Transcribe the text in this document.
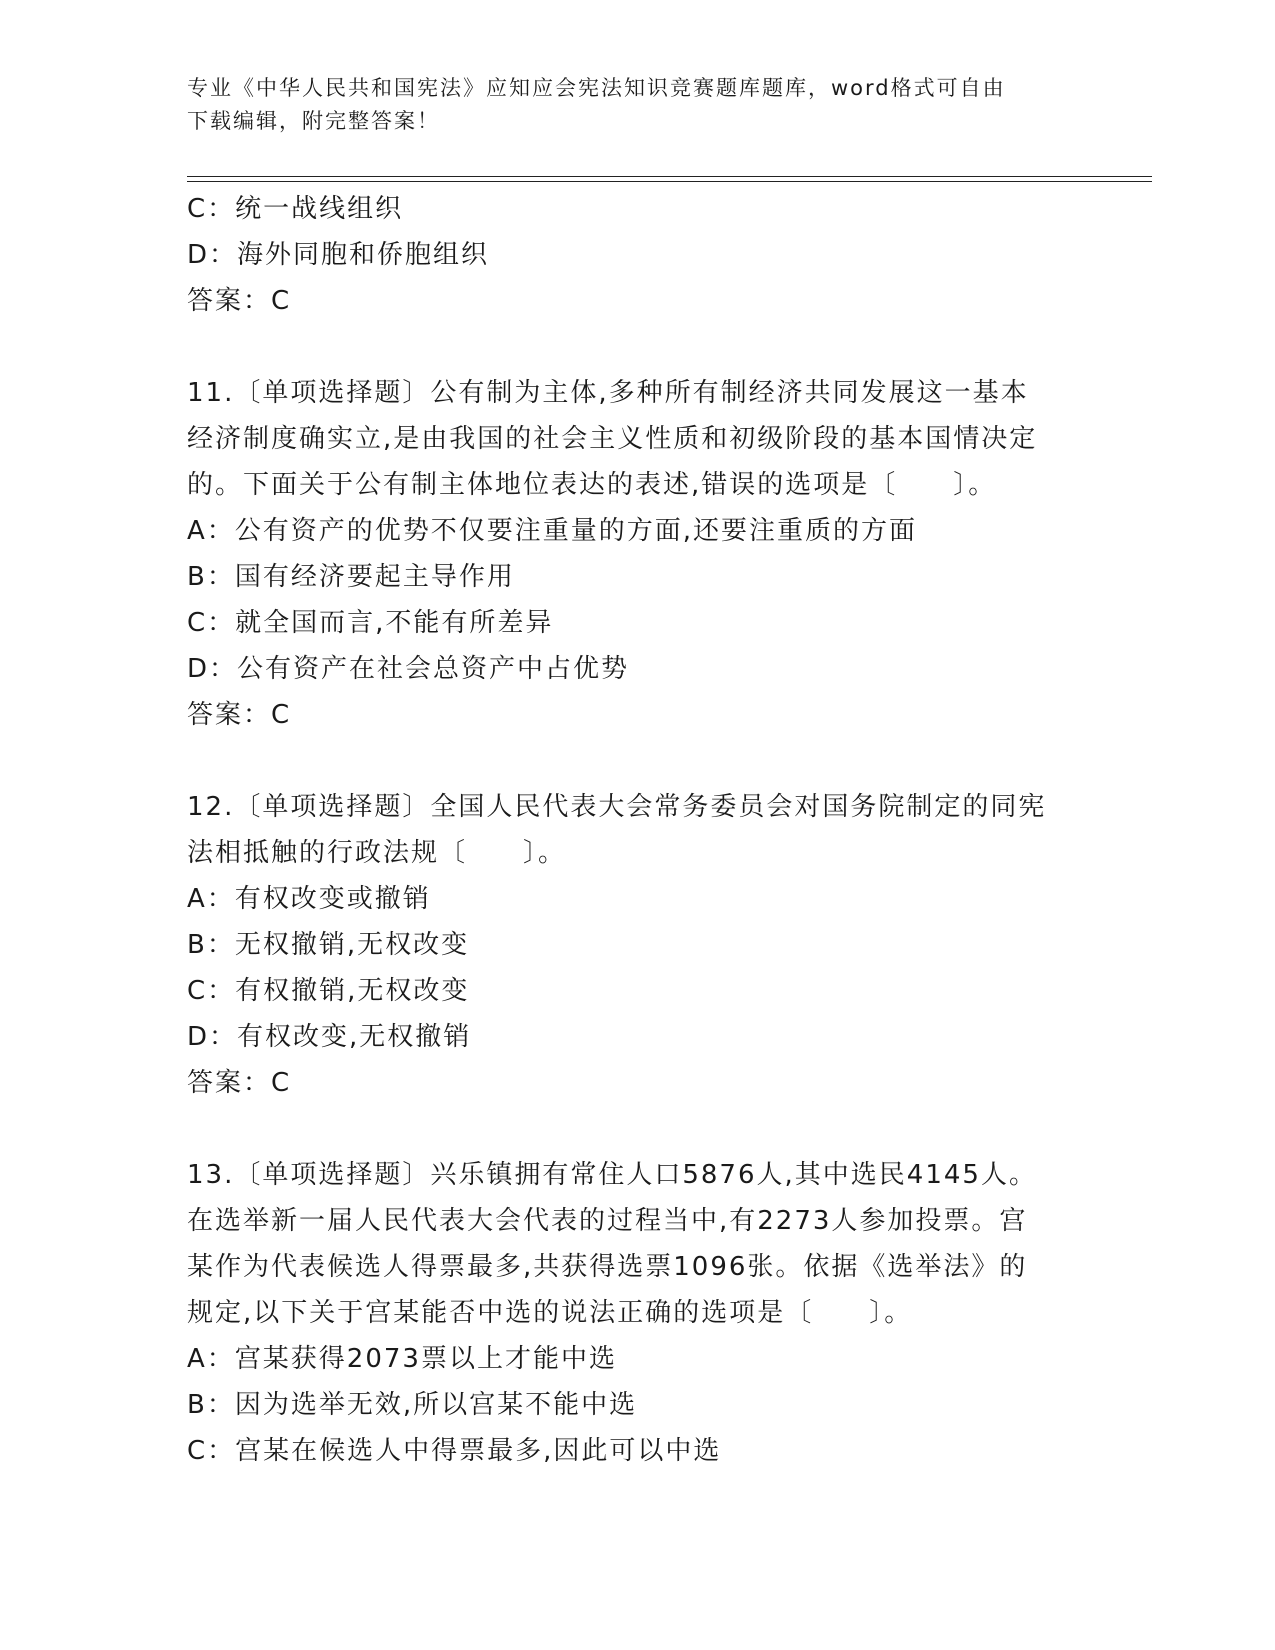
专业《中华人民共和国宪法》应知应会宪法知识竞赛题库题库，word格式可自由
下载编辑，附完整答案！
C：统一战线组织
D：海外同胞和侨胞组织
答案：C
11.〔单项选择题〕公有制为主体,多种所有制经济共同发展这一基本
经济制度确实立,是由我国的社会主义性质和初级阶段的基本国情决定
的。下面关于公有制主体地位表达的表述,错误的选项是〔　　〕。
A：公有资产的优势不仅要注重量的方面,还要注重质的方面
B：国有经济要起主导作用
C：就全国而言,不能有所差异
D：公有资产在社会总资产中占优势
答案：C
12.〔单项选择题〕全国人民代表大会常务委员会对国务院制定的同宪
法相抵触的行政法规〔　　〕。
A：有权改变或撤销
B：无权撤销,无权改变
C：有权撤销,无权改变
D：有权改变,无权撤销
答案：C
13.〔单项选择题〕兴乐镇拥有常住人口5876人,其中选民4145人。
在选举新一届人民代表大会代表的过程当中,有2273人参加投票。宫
某作为代表候选人得票最多,共获得选票1096张。依据《选举法》的
规定,以下关于宫某能否中选的说法正确的选项是〔　　〕。
A：宫某获得2073票以上才能中选
B：因为选举无效,所以宫某不能中选
C：宫某在候选人中得票最多,因此可以中选
